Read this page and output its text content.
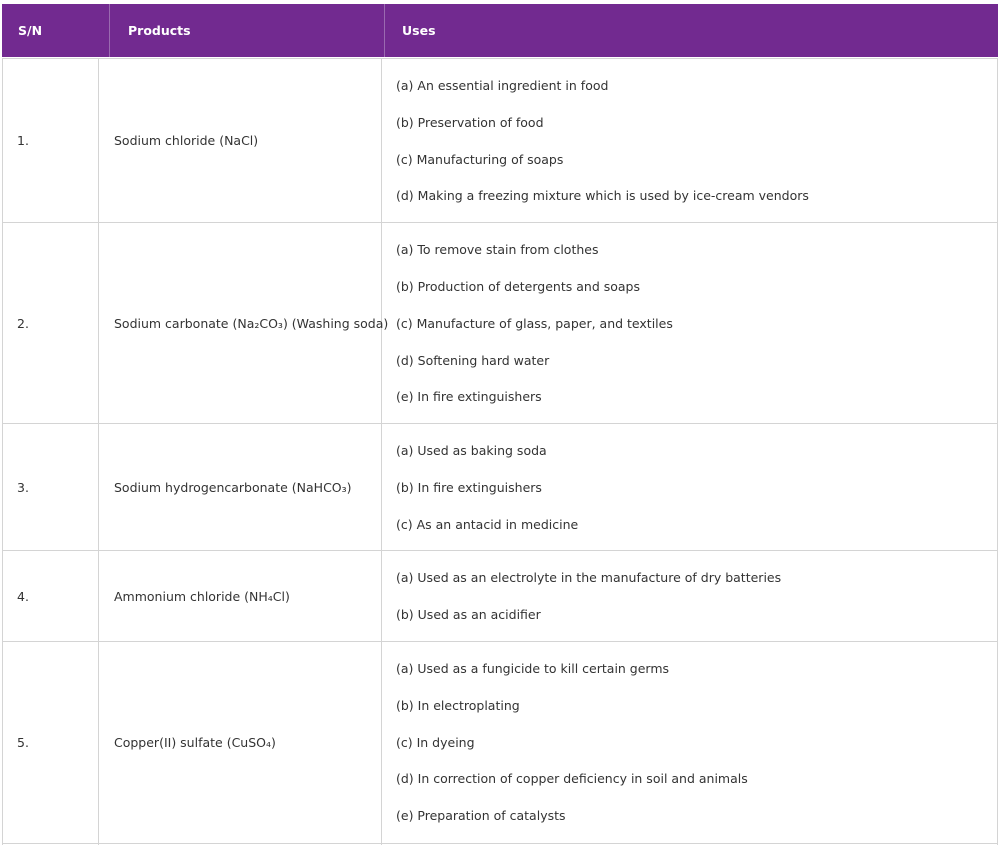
S/N	Products	Uses
1.	Sodium chloride (NaCl)
(a) An essential ingredient in food
(b) Preservation of food
(c) Manufacturing of soaps
(d) Making a freezing mixture which is used by ice-cream vendors
2.	Sodium carbonate (Na₂CO₃) (Washing soda)
(a) To remove stain from clothes
(b) Production of detergents and soaps
(c) Manufacture of glass, paper, and textiles
(d) Softening hard water
(e) In fire extinguishers
3.	Sodium hydrogencarbonate (NaHCO₃)
(a) Used as baking soda
(b) In fire extinguishers
(c) As an antacid in medicine
4.	Ammonium chloride (NH₄Cl)
(a) Used as an electrolyte in the manufacture of dry batteries
(b) Used as an acidifier
5.	Copper(II) sulfate (CuSO₄)
(a) Used as a fungicide to kill certain germs
(b) In electroplating
(c) In dyeing
(d) In correction of copper deficiency in soil and animals
(e) Preparation of catalysts
